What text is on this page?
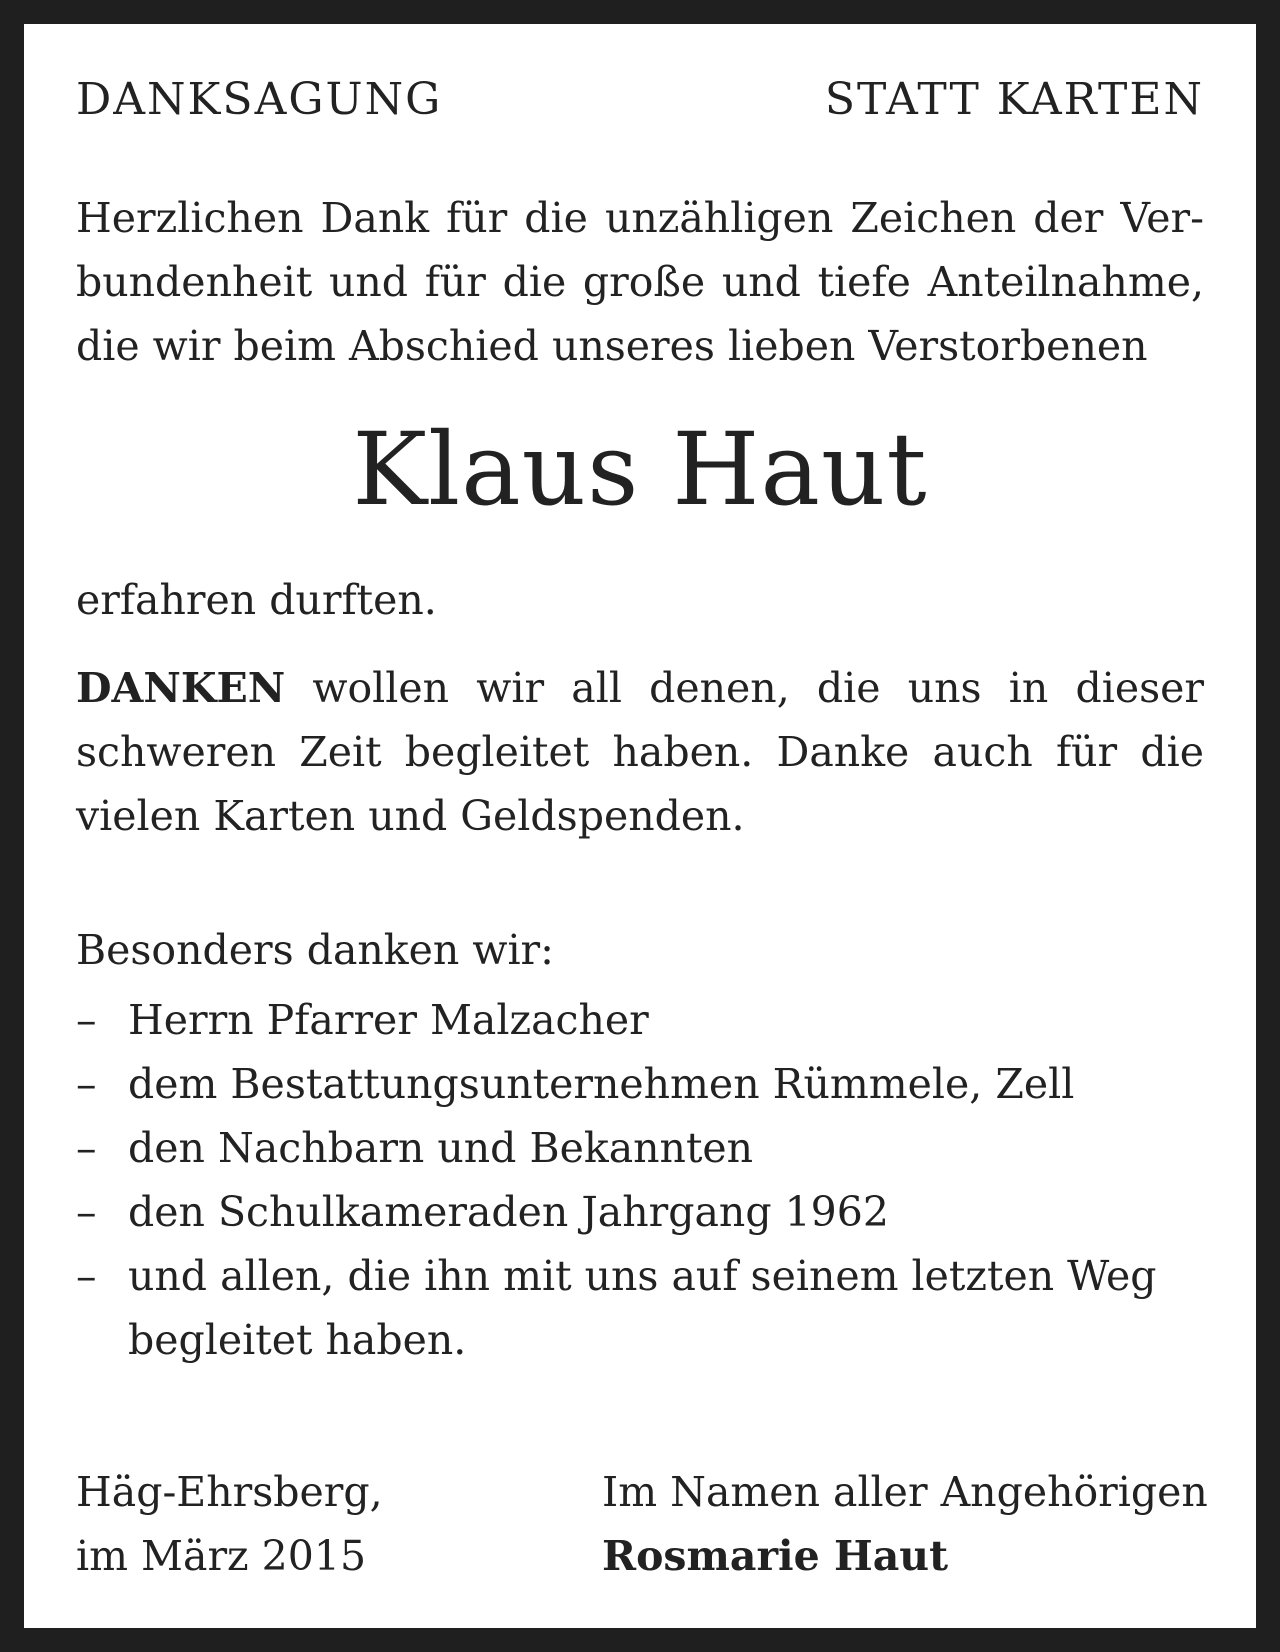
DANKSAGUNG	STATT KARTEN
Herzlichen Dank für die unzähligen Zeichen der Ver-
bundenheit und für die große und tiefe Anteilnahme,
die wir beim Abschied unseres lieben Verstorbenen
Klaus Haut
erfahren durften.
DANKEN wollen wir all denen, die uns in dieser
schweren Zeit begleitet haben. Danke auch für die
vielen Karten und Geldspenden.
Besonders danken wir:
– Herrn Pfarrer Malzacher
– dem Bestattungsunternehmen Rümmele, Zell
– den Nachbarn und Bekannten
– den Schulkameraden Jahrgang 1962
– und allen, die ihn mit uns auf seinem letzten Weg
begleitet haben.
Häg-Ehrsberg,
im März 2015
Im Namen aller Angehörigen
Rosmarie Haut
